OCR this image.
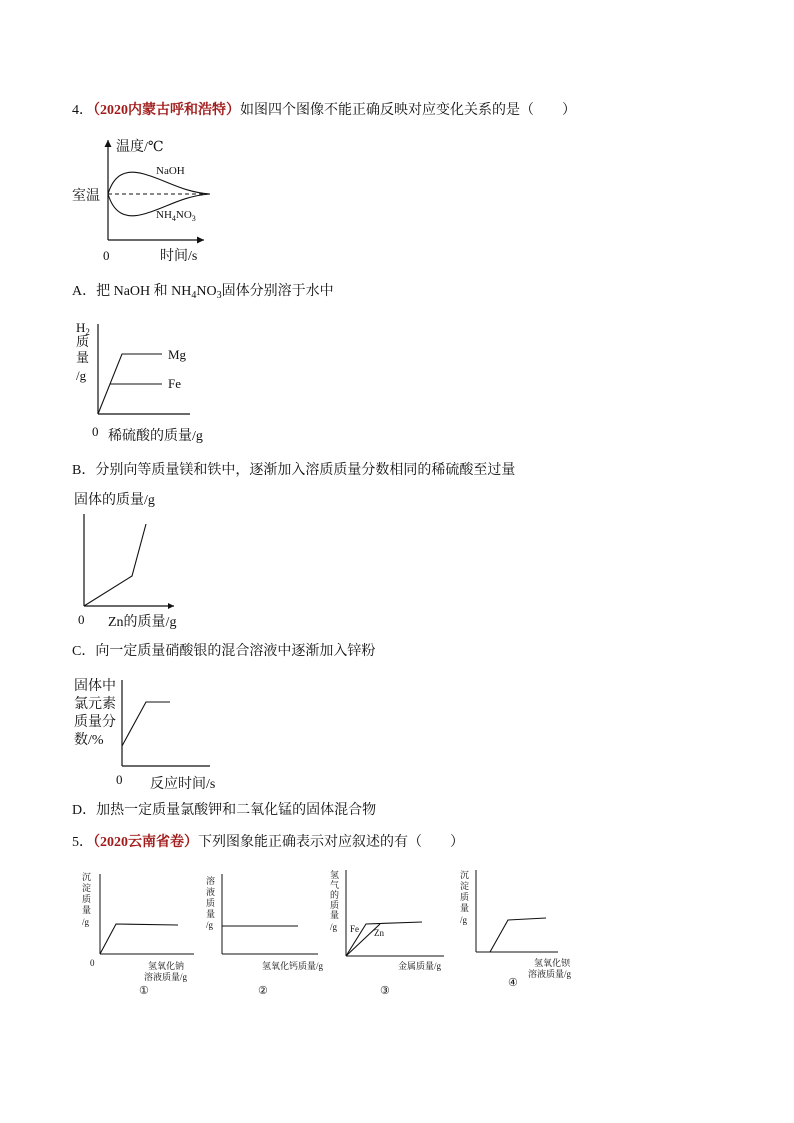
4．（2020内蒙古呼和浩特）如图四个图像不能正确反映对应变化关系的是（　　）
温度/℃
室温
NaOH
$NH_4NO_3$
0	时间/s
A．把 NaOH 和 $NH_4NO_3$固体分别溶于水中
$H_2$
质
量
/g
Mg
Fe
0 稀硫酸的质量/g
B．分别向等质量镁和铁中，逐渐加入溶质质量分数相同的稀硫酸至过量
固体的质量/g
0 Zn的质量/g
C．向一定质量硝酸银的混合溶液中逐渐加入锌粉
固体中
氯元素
质量分
数/%
0 反应时间/s
D．加热一定质量氯酸钾和二氧化锰的固体混合物
5．（2020云南省卷）下列图象能正确表示对应叙述的有（　　）
沉
淀
质
量
/g
0	氢氧化钠
溶液质量/g
①
溶
液
质
量
/g
氢氧化钙质量/g
②
氢
气
的
质
量
/g Fe Zn
金属质量/g
③
沉
淀
质
量
/g
氢氧化钡
溶液质量/g
④
